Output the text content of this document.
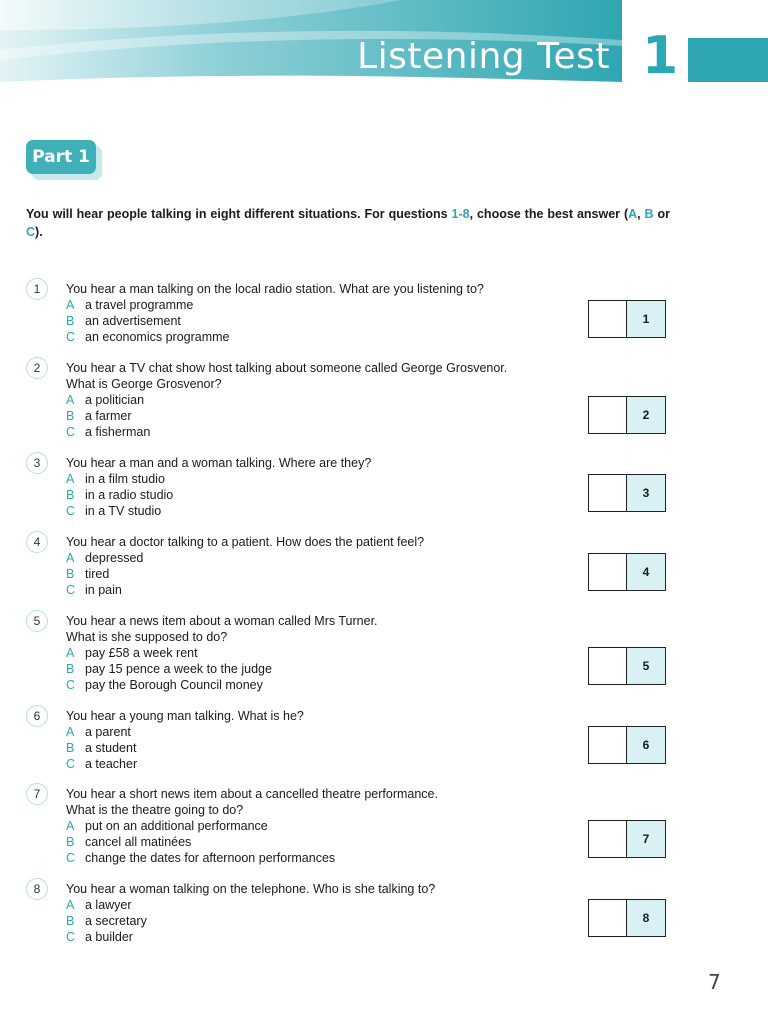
Listening Test 1
Part 1
You will hear people talking in eight different situations. For questions 1-8, choose the best answer (A, B or C).
1	You hear a man talking on the local radio station. What are you listening to?
A a travel programme
B an advertisement
C an economics programme
1
2	You hear a TV chat show host talking about someone called George Grosvenor.
What is George Grosvenor?
A a politician
B a farmer
C a fisherman
2
3	You hear a man and a woman talking. Where are they?
A in a film studio
B in a radio studio
C in a TV studio
3
4	You hear a doctor talking to a patient. How does the patient feel?
A depressed
B tired
C in pain
4
5	You hear a news item about a woman called Mrs Turner.
What is she supposed to do?
A pay £58 a week rent
B pay 15 pence a week to the judge
C pay the Borough Council money
5
6	You hear a young man talking. What is he?
A a parent
B a student
C a teacher
6
7	You hear a short news item about a cancelled theatre performance.
What is the theatre going to do?
A put on an additional performance
B cancel all matinées
C change the dates for afternoon performances
7
8	You hear a woman talking on the telephone. Who is she talking to?
A a lawyer
B a secretary
C a builder
8
7
